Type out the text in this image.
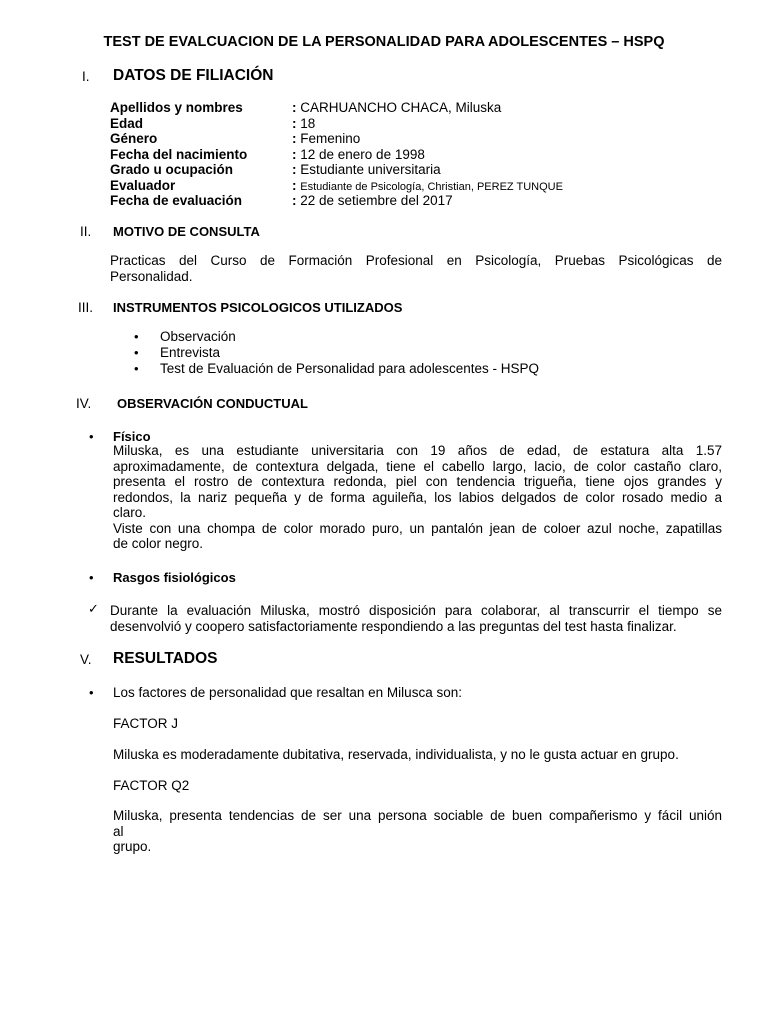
TEST DE EVALCUACION DE LA PERSONALIDAD PARA ADOLESCENTES – HSPQ
I. DATOS DE FILIACIÓN
Apellidos y nombres	: CARHUANCHO CHACA, Miluska
Edad	: 18
Género	: Femenino
Fecha del nacimiento	: 12 de enero de 1998
Grado u ocupación	: Estudiante universitaria
Evaluador	: Estudiante de Psicología, Christian, PEREZ TUNQUE
Fecha de evaluación	: 22 de setiembre del 2017
II. MOTIVO DE CONSULTA
Practicas del Curso de Formación Profesional en Psicología, Pruebas Psicológicas de
Personalidad.
III. INSTRUMENTOS PSICOLOGICOS UTILIZADOS
• Observación
• Entrevista
• Test de Evaluación de Personalidad para adolescentes - HSPQ
IV. OBSERVACIÓN CONDUCTUAL
• Físico
Miluska, es una estudiante universitaria con 19 años de edad, de estatura alta 1.57
aproximadamente, de contextura delgada, tiene el cabello largo, lacio, de color castaño claro,
presenta el rostro de contextura redonda, piel con tendencia trigueña, tiene ojos grandes y
redondos, la nariz pequeña y de forma aguileña, los labios delgados de color rosado medio a
claro.
Viste con una chompa de color morado puro, un pantalón jean de coloer azul noche, zapatillas
de color negro.
• Rasgos fisiológicos
✓ Durante la evaluación Miluska, mostró disposición para colaborar, al transcurrir el tiempo se
desenvolvió y coopero satisfactoriamente respondiendo a las preguntas del test hasta finalizar.
V. RESULTADOS
• Los factores de personalidad que resaltan en Milusca son:
FACTOR J
Miluska es moderadamente dubitativa, reservada, individualista, y no le gusta actuar en grupo.
FACTOR Q2
Miluska, presenta tendencias de ser una persona sociable de buen compañerismo y fácil unión
al
grupo.
